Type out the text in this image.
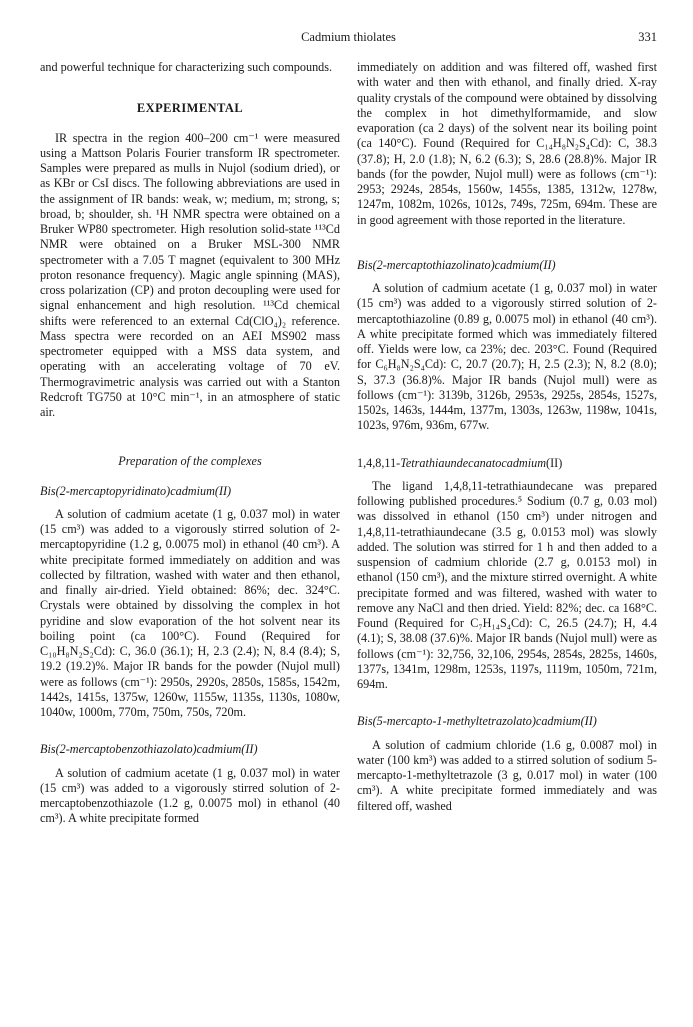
Cadmium thiolates	331

and powerful technique for characterizing such compounds.

EXPERIMENTAL

IR spectra in the region 400–200 cm⁻¹ were measured using a Mattson Polaris Fourier transform IR spectrometer. Samples were prepared as mulls in Nujol (sodium dried), or as KBr or CsI discs. The following abbreviations are used in the assignment of IR bands: weak, w; medium, m; strong, s; broad, b; shoulder, sh. ¹H NMR spectra were obtained on a Bruker WP80 spectrometer. High resolution solid-state ¹¹³Cd NMR were obtained on a Bruker MSL-300 NMR spectrometer with a 7.05 T magnet (equivalent to 300 MHz proton resonance frequency). Magic angle spinning (MAS), cross polarization (CP) and proton decoupling were used for signal enhancement and high resolution. ¹¹³Cd chemical shifts were referenced to an external Cd(ClO₄)₂ reference. Mass spectra were recorded on an AEI MS902 mass spectrometer equipped with a MSS data system, and operating with an accelerating voltage of 70 eV. Thermogravimetric analysis was carried out with a Stanton Redcroft TG750 at 10°C min⁻¹, in an atmosphere of static air.

Preparation of the complexes
Bis(2-mercaptopyridinato)cadmium(II)

A solution of cadmium acetate (1 g, 0.037 mol) in water (15 cm³) was added to a vigorously stirred solution of 2-mercaptopyridine (1.2 g, 0.0075 mol) in ethanol (40 cm³). A white precipitate formed immediately on addition and was collected by filtration, washed with water and then ethanol, and finally air-dried. Yield obtained: 86%; dec. 324°C. Crystals were obtained by dissolving the complex in hot pyridine and slow evaporation of the hot solvent near its boiling point (ca 100°C). Found (Required for C₁₀H₈N₂S₂Cd): C, 36.0 (36.1); H, 2.3 (2.4); N, 8.4 (8.4); S, 19.2 (19.2)%. Major IR bands for the powder (Nujol mull) were as follows (cm⁻¹): 2950s, 2920s, 2850s, 1585s, 1542m, 1442s, 1415s, 1375w, 1260w, 1155w, 1135s, 1130s, 1080w, 1040w, 1000m, 770m, 750m, 750s, 720m.

Bis(2-mercaptobenzothiazolato)cadmium(II)

A solution of cadmium acetate (1 g, 0.037 mol) in water (15 cm³) was added to a vigorously stirred solution of 2-mercaptobenzothiazole (1.2 g, 0.0075 mol) in ethanol (40 cm³). A white precipitate formed

immediately on addition and was filtered off, washed first with water and then with ethanol, and finally dried. X-ray quality crystals of the compound were obtained by dissolving the complex in hot dimethylformamide, and slow evaporation (ca 2 days) of the solvent near its boiling point (ca 140°C). Found (Required for C₁₄H₈N₂S₄Cd): C, 38.3 (37.8); H, 2.0 (1.8); N, 6.2 (6.3); S, 28.6 (28.8)%. Major IR bands (for the powder, Nujol mull) were as follows (cm⁻¹): 2953; 2924s, 2854s, 1560w, 1455s, 1385, 1312w, 1278w, 1247m, 1082m, 1026s, 1012s, 749s, 725m, 694m. These are in good agreement with those reported in the literature.

Bis(2-mercaptothiazolinato)cadmium(II)

A solution of cadmium acetate (1 g, 0.037 mol) in water (15 cm³) was added to a vigorously stirred solution of 2-mercaptothiazoline (0.89 g, 0.0075 mol) in ethanol (40 cm³). A white precipitate formed which was immediately filtered off. Yields were low, ca 23%; dec. 203°C. Found (Required for C₆H₈N₂S₄Cd): C, 20.7 (20.7); H, 2.5 (2.3); N, 8.2 (8.0); S, 37.3 (36.8)%. Major IR bands (Nujol mull) were as follows (cm⁻¹): 3139b, 3126b, 2953s, 2925s, 2854s, 1527s, 1502s, 1463s, 1444m, 1377m, 1303s, 1263w, 1198w, 1041s, 1023s, 976m, 936m, 677w.

1,4,8,11-Tetrathiaundecanatocadmium(II)

The ligand 1,4,8,11-tetrathiaundecane was prepared following published procedures.⁵ Sodium (0.7 g, 0.03 mol) was dissolved in ethanol (150 cm³) under nitrogen and 1,4,8,11-tetrathiaundecane (3.5 g, 0.0153 mol) was slowly added. The solution was stirred for 1 h and then added to a suspension of cadmium chloride (2.7 g, 0.0153 mol) in ethanol (150 cm³), and the mixture stirred overnight. A white precipitate formed and was filtered, washed with water to remove any NaCl and then dried. Yield: 82%; dec. ca 168°C. Found (Required for C₇H₁₄S₄Cd): C, 26.5 (24.7); H, 4.4 (4.1); S, 38.08 (37.6)%. Major IR bands (Nujol mull) were as follows (cm⁻¹): 32,756, 32,106, 2954s, 2854s, 2825s, 1460s, 1377s, 1341m, 1298m, 1253s, 1197s, 1119m, 1050m, 721m, 694m.

Bis(5-mercapto-1-methyltetrazolato)cadmium(II)

A solution of cadmium chloride (1.6 g, 0.0087 mol) in water (100 km³) was added to a stirred solution of sodium 5-mercapto-1-methyltetrazole (3 g, 0.017 mol) in water (100 cm³). A white precipitate formed immediately and was filtered off, washed
